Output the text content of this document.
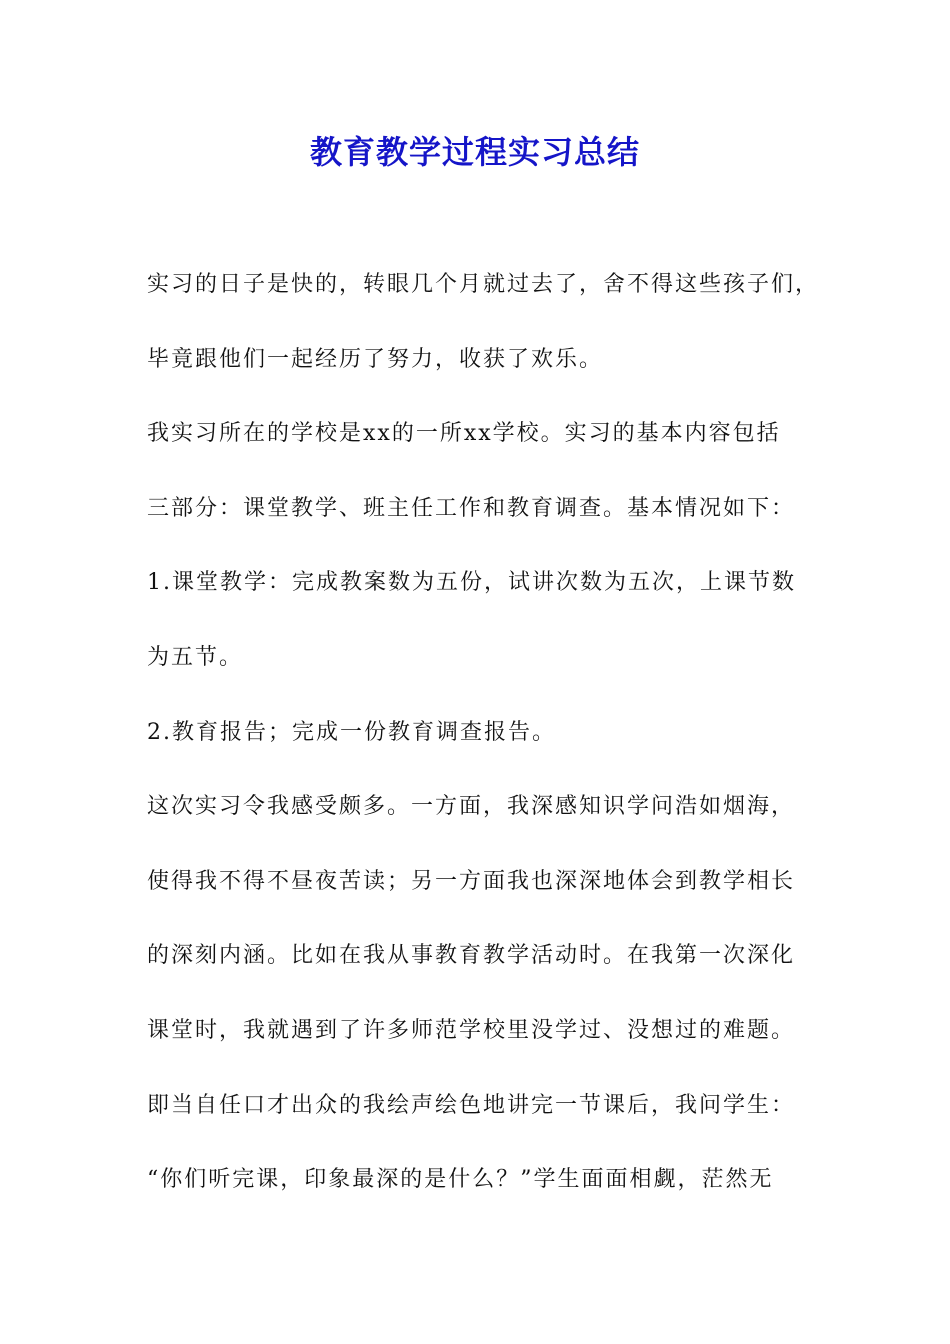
教育教学过程实习总结

实习的日子是快的，转眼几个月就过去了，舍不得这些孩子们，

毕竟跟他们一起经历了努力，收获了欢乐。

我实习所在的学校是xx的一所xx学校。实习的基本内容包括

三部分：课堂教学、班主任工作和教育调查。基本情况如下：

1.课堂教学：完成教案数为五份，试讲次数为五次，上课节数

为五节。

2.教育报告；完成一份教育调查报告。

这次实习令我感受颇多。一方面，我深感知识学问浩如烟海，

使得我不得不昼夜苦读；另一方面我也深深地体会到教学相长

的深刻内涵。比如在我从事教育教学活动时。在我第一次深化

课堂时，我就遇到了许多师范学校里没学过、没想过的难题。

即当自任口才出众的我绘声绘色地讲完一节课后，我问学生：

“你们听完课，印象最深的是什么？”学生面面相觑，茫然无
